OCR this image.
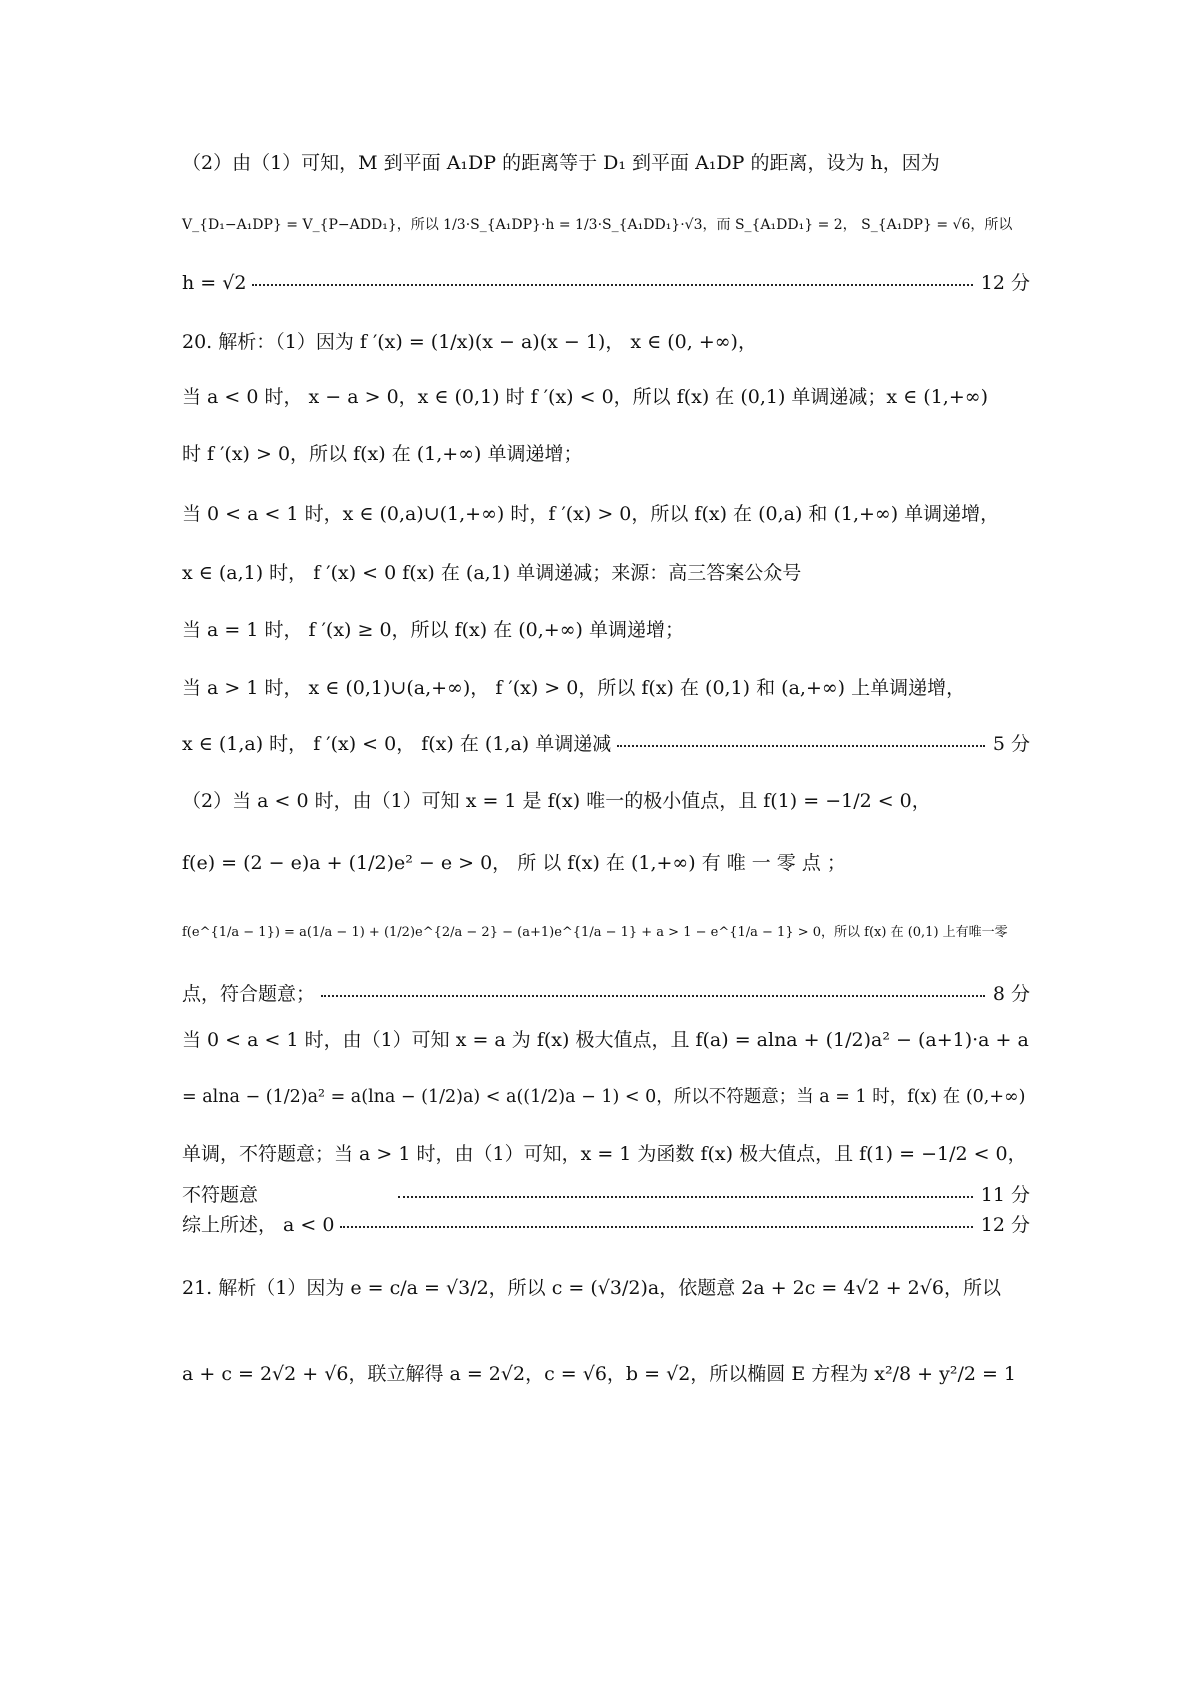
（2）由（1）可知，M 到平面 A₁DP 的距离等于 D₁ 到平面 A₁DP 的距离，设为 h，因为
V_{D₁−A₁DP} = V_{P−ADD₁}，所以 1/3·S_{A₁DP}·h = 1/3·S_{A₁DD₁}·√3，而 S_{A₁DD₁} = 2， S_{A₁DP} = √6，所以
h = √2	12 分
20. 解析：（1）因为 f ′(x) = (1/x)(x − a)(x − 1)， x ∈ (0, +∞)，
当 a < 0 时， x − a > 0，x ∈ (0,1) 时 f ′(x) < 0，所以 f(x) 在 (0,1) 单调递减；x ∈ (1,+∞)
时 f ′(x) > 0，所以 f(x) 在 (1,+∞) 单调递增；
当 0 < a < 1 时，x ∈ (0,a)∪(1,+∞) 时，f ′(x) > 0，所以 f(x) 在 (0,a) 和 (1,+∞) 单调递增，
x ∈ (a,1) 时， f ′(x) < 0 f(x) 在 (a,1) 单调递减；来源：高三答案公众号
当 a = 1 时， f ′(x) ≥ 0，所以 f(x) 在 (0,+∞) 单调递增；
当 a > 1 时， x ∈ (0,1)∪(a,+∞)， f ′(x) > 0，所以 f(x) 在 (0,1) 和 (a,+∞) 上单调递增，
x ∈ (1,a) 时， f ′(x) < 0， f(x) 在 (1,a) 单调递减	5 分
（2）当 a < 0 时，由（1）可知 x = 1 是 f(x) 唯一的极小值点，且 f(1) = −1/2 < 0，
f(e) = (2 − e)a + (1/2)e² − e > 0， 所 以 f(x) 在 (1,+∞) 有 唯 一 零 点 ；
f(e^{1/a − 1}) = a(1/a − 1) + (1/2)e^{2/a − 2} − (a+1)e^{1/a − 1} + a > 1 − e^{1/a − 1} > 0，所以 f(x) 在 (0,1) 上有唯一零
点，符合题意；	8 分
当 0 < a < 1 时，由（1）可知 x = a 为 f(x) 极大值点，且 f(a) = alna + (1/2)a² − (a+1)·a + a
= alna − (1/2)a² = a(lna − (1/2)a) < a((1/2)a − 1) < 0，所以不符题意；当 a = 1 时，f(x) 在 (0,+∞)
单调，不符题意；当 a > 1 时，由（1）可知，x = 1 为函数 f(x) 极大值点，且 f(1) = −1/2 < 0，
不符题意	11 分
综上所述， a < 0	12 分
21. 解析（1）因为 e = c/a = √3/2，所以 c = (√3/2)a，依题意 2a + 2c = 4√2 + 2√6，所以
a + c = 2√2 + √6，联立解得 a = 2√2，c = √6，b = √2，所以椭圆 E 方程为 x²/8 + y²/2 = 1
